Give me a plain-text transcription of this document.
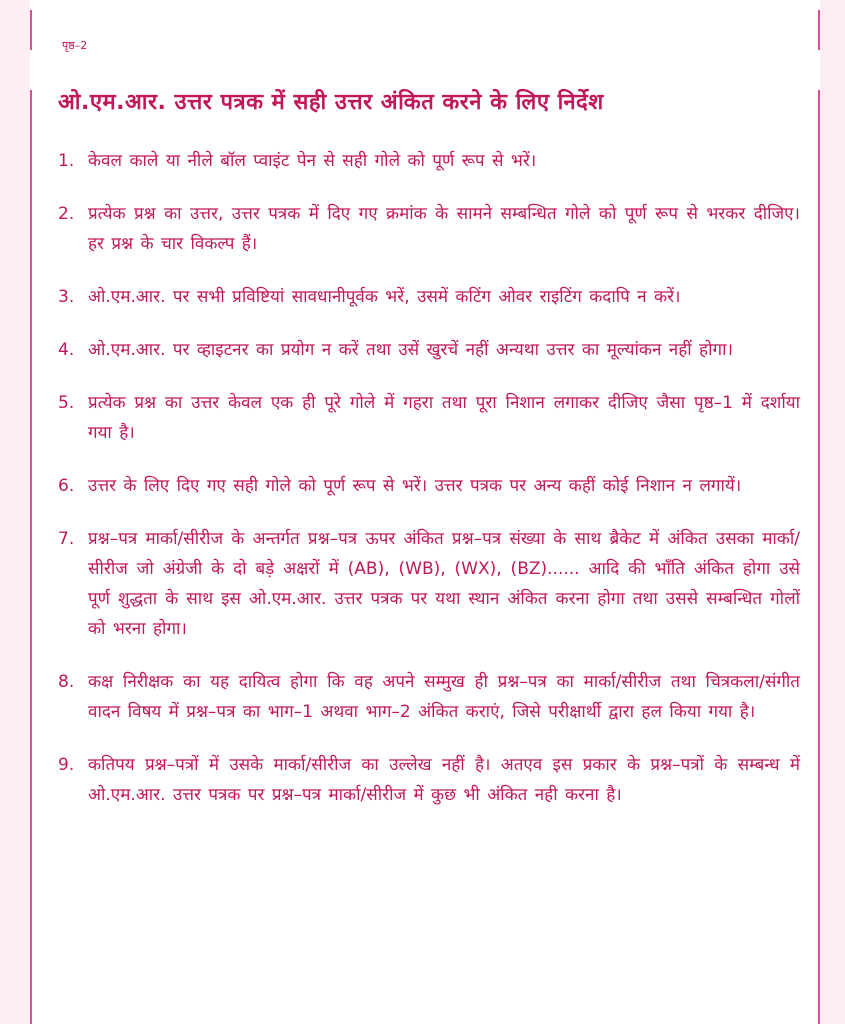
पृष्ठ–2
ओ.एम.आर. उत्तर पत्रक में सही उत्तर अंकित करने के लिए निर्देश
1. केवल काले या नीले बॉल प्वाइंट पेन से सही गोले को पूर्ण रूप से भरें।
2. प्रत्येक प्रश्न का उत्तर, उत्तर पत्रक में दिए गए क्रमांक के सामने सम्बन्धित गोले को पूर्ण रूप से भरकर दीजिए। हर प्रश्न के चार विकल्प हैं।
3. ओ.एम.आर. पर सभी प्रविष्टियां सावधानीपूर्वक भरें, उसमें कटिंग ओवर राइटिंग कदापि न करें।
4. ओ.एम.आर. पर व्हाइटनर का प्रयोग न करें तथा उसें खुरचें नहीं अन्यथा उत्तर का मूल्यांकन नहीं होगा।
5. प्रत्येक प्रश्न का उत्तर केवल एक ही पूरे गोले में गहरा तथा पूरा निशान लगाकर दीजिए जैसा पृष्ठ–1 में दर्शाया गया है।
6. उत्तर के लिए दिए गए सही गोले को पूर्ण रूप से भरें। उत्तर पत्रक पर अन्य कहीं कोई निशान न लगायें।
7. प्रश्न–पत्र मार्का/सीरीज के अन्तर्गत प्रश्न–पत्र ऊपर अंकित प्रश्न–पत्र संख्या के साथ ब्रैकेट में अंकित उसका मार्का/सीरीज जो अंग्रेजी के दो बड़े अक्षरों में (AB), (WB), (WX), (BZ)...... आदि की भाँति अंकित होगा उसे पूर्ण शुद्धता के साथ इस ओ.एम.आर. उत्तर पत्रक पर यथा स्थान अंकित करना होगा तथा उससे सम्बन्धित गोलों को भरना होगा।
8. कक्ष निरीक्षक का यह दायित्व होगा कि वह अपने सम्मुख ही प्रश्न–पत्र का मार्का/सीरीज तथा चित्रकला/संगीत वादन विषय में प्रश्न–पत्र का भाग–1 अथवा भाग–2 अंकित कराएं, जिसे परीक्षार्थी द्वारा हल किया गया है।
9. कतिपय प्रश्न–पत्रों में उसके मार्का/सीरीज का उल्लेख नहीं है। अतएव इस प्रकार के प्रश्न–पत्रों के सम्बन्ध में ओ.एम.आर. उत्तर पत्रक पर प्रश्न–पत्र मार्का/सीरीज में कुछ भी अंकित नही करना है।
